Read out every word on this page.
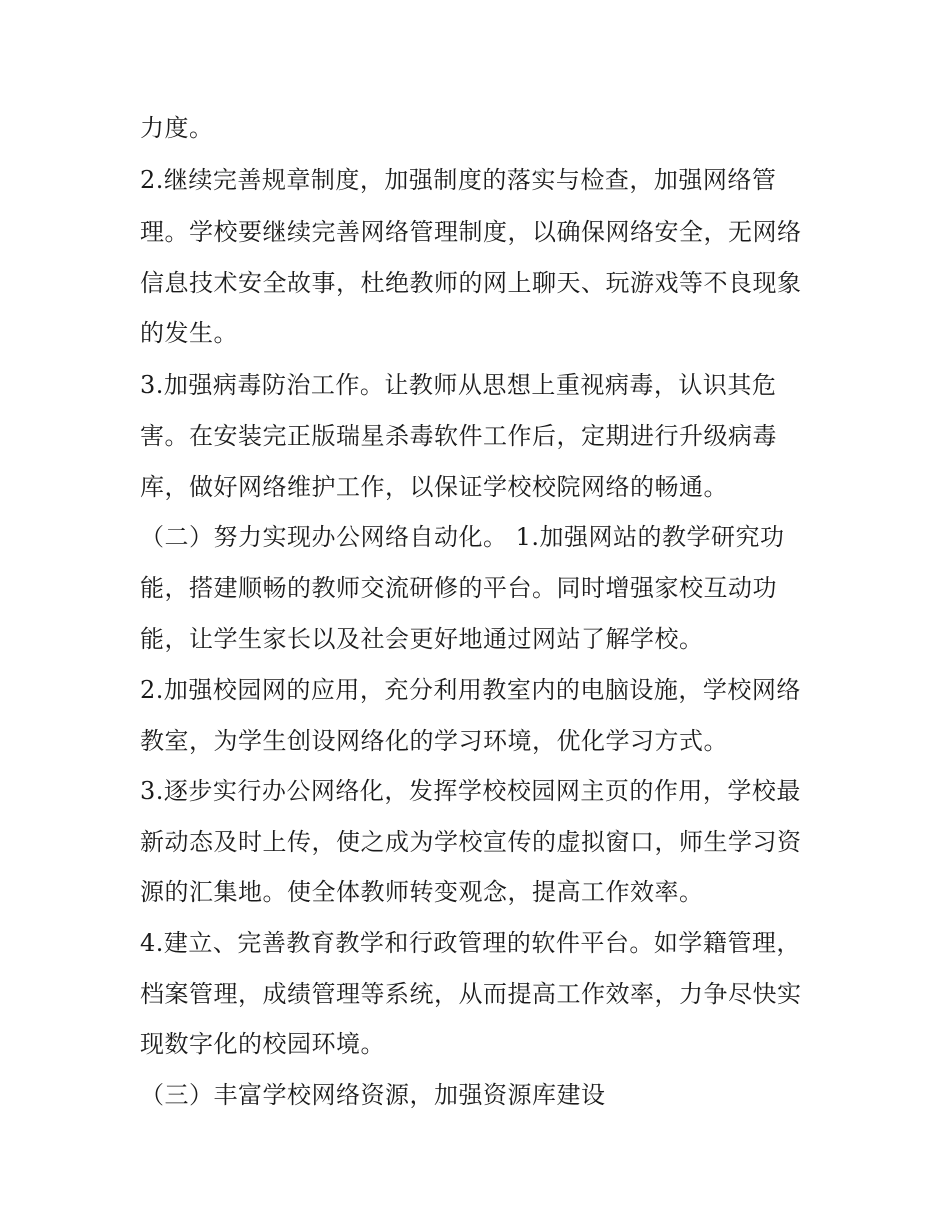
力度。
2.继续完善规章制度，加强制度的落实与检查，加强网络管
理。学校要继续完善网络管理制度，以确保网络安全，无网络
信息技术安全故事，杜绝教师的网上聊天、玩游戏等不良现象
的发生。
3.加强病毒防治工作。让教师从思想上重视病毒，认识其危
害。在安装完正版瑞星杀毒软件工作后，定期进行升级病毒
库，做好网络维护工作，以保证学校校院网络的畅通。
（二）努力实现办公网络自动化。 1.加强网站的教学研究功
能，搭建顺畅的教师交流研修的平台。同时增强家校互动功
能，让学生家长以及社会更好地通过网站了解学校。
2.加强校园网的应用，充分利用教室内的电脑设施，学校网络
教室，为学生创设网络化的学习环境，优化学习方式。
3.逐步实行办公网络化，发挥学校校园网主页的作用，学校最
新动态及时上传，使之成为学校宣传的虚拟窗口，师生学习资
源的汇集地。使全体教师转变观念，提高工作效率。
4.建立、完善教育教学和行政管理的软件平台。如学籍管理，
档案管理，成绩管理等系统，从而提高工作效率，力争尽快实
现数字化的校园环境。
（三）丰富学校网络资源，加强资源库建设
